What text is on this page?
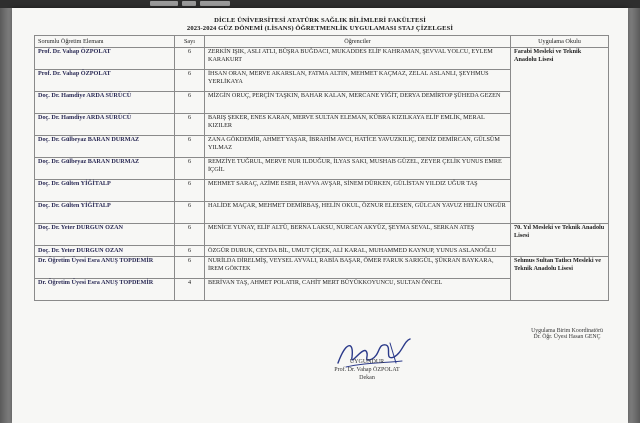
DİCLE ÜNİVERSİTESİ ATATÜRK SAĞLIK BİLİMLERİ FAKÜLTESİ
2023-2024 GÜZ DÖNEMİ (LİSANS) ÖĞRETMENLİK UYGULAMASI STAJ ÇİZELGESİ
Sorumlu Öğretim Elemanı	Sayı	Öğrenciler	Uygulama Okulu
Prof. Dr. Vahap ÖZPOLAT	6	ZERKİN IŞIK, ASLI ATLI, BÜŞRA BUĞDACI, MUKADDES ELİF KAHRAMAN, ŞEVVAL YOLCU, EYLEM KARAKURT	Farabi Mesleki ve Teknik Anadolu Lisesi
Prof. Dr. Vahap ÖZPOLAT	6	İHSAN ORAN, MERVE AKARSLAN, FATMA ALTIN, MEHMET KAÇMAZ, ZELAL ASLANLI, ŞEYHMUS YERLİKAYA	
Doç. Dr. Hamdiye ARDA SÜRÜCÜ	6	MİZGİN ORUÇ, PERÇİN TAŞKIN, BAHAR KALAN, MERCANE YİĞİT, DERYA DEMİRTOP ŞÜHEDA GEZEN	
Doç. Dr. Hamdiye ARDA SÜRÜCÜ	6	BARIŞ ŞEKER, ENES KARAN, MERVE SULTAN ELEMAN, KÜBRA KIZILKAYA ELİF EMLİK, MERAL KIZILER	
Doç. Dr. Gülbeyaz BARAN DURMAZ	6	ZANA GÖKDEMİR, AHMET YAŞAR, İBRAHİM AVCI, HATİCE YAVUZKILIÇ, DENİZ DEMİRCAN, GÜLSÜM YILMAZ	
Doç. Dr. Gülbeyaz BARAN DURMAZ	6	REMZİYE TUĞRUL, MERVE NUR ILDUĞUR, İLYAS SAKI, MUSHAB GÜZEL, ZEYER ÇELİK YUNUS EMRE İÇGİL	
Doç. Dr. Gülten YİĞİTALP	6	MEHMET SARAÇ, AZİME ESER, HAVVA AVŞAR, SİNEM DÜRKEN, GÜLİSTAN YILDIZ UĞUR TAŞ	
Doç. Dr. Gülten YİĞİTALP	6	HALİDE MAÇAR, MEHMET DEMİRBAŞ, HELİN OKUL, ÖZNUR ELEESEN, GÜLCAN YAVUZ HELİN UNGÜR	
Doç. Dr. Yeter DURGUN OZAN	6	MENİCE YUNAY, ELİF ALTÜ, BERNA LAKSU, NURCAN AKYÜZ, ŞEYMA SEVAL, SERKAN ATEŞ	70. Yıl Mesleki ve Teknik Anadolu Lisesi
Doç. Dr. Yeter DURGUN OZAN	6	ÖZGÜR DURUK, CEYDA BİL, UMUT ÇİÇEK, ALİ KARAL, MUHAMMED KAYNUP, YUNUS ASLANOĞLU	
Dr. Öğretim Üyesi Esra ANUŞ TOPDEMİR	6	NURİLDA DİRELMİŞ, VEYSEL AYVALI, RABİA BAŞAR, ÖMER FARUK SARIGÜL, ŞÜKRAN BAYKARA, İREM GÖKTEK	Sehmus Sultan Tatlıcı Mesleki ve Teknik Anadolu Lisesi
Dr. Öğretim Üyesi Esra ANUŞ TOPDEMİR	4	BERİVAN TAŞ, AHMET POLATIR, CAHİT MERT BÜYÜKKOYUNCU, SULTAN ÖNCEL	
Uygulama Birim Koordinatörü
Dr. Öğr. Üyesi Hasan GENÇ
UYGUNDUR
Prof. Dr. Vahap ÖZPOLAT
Dekan
